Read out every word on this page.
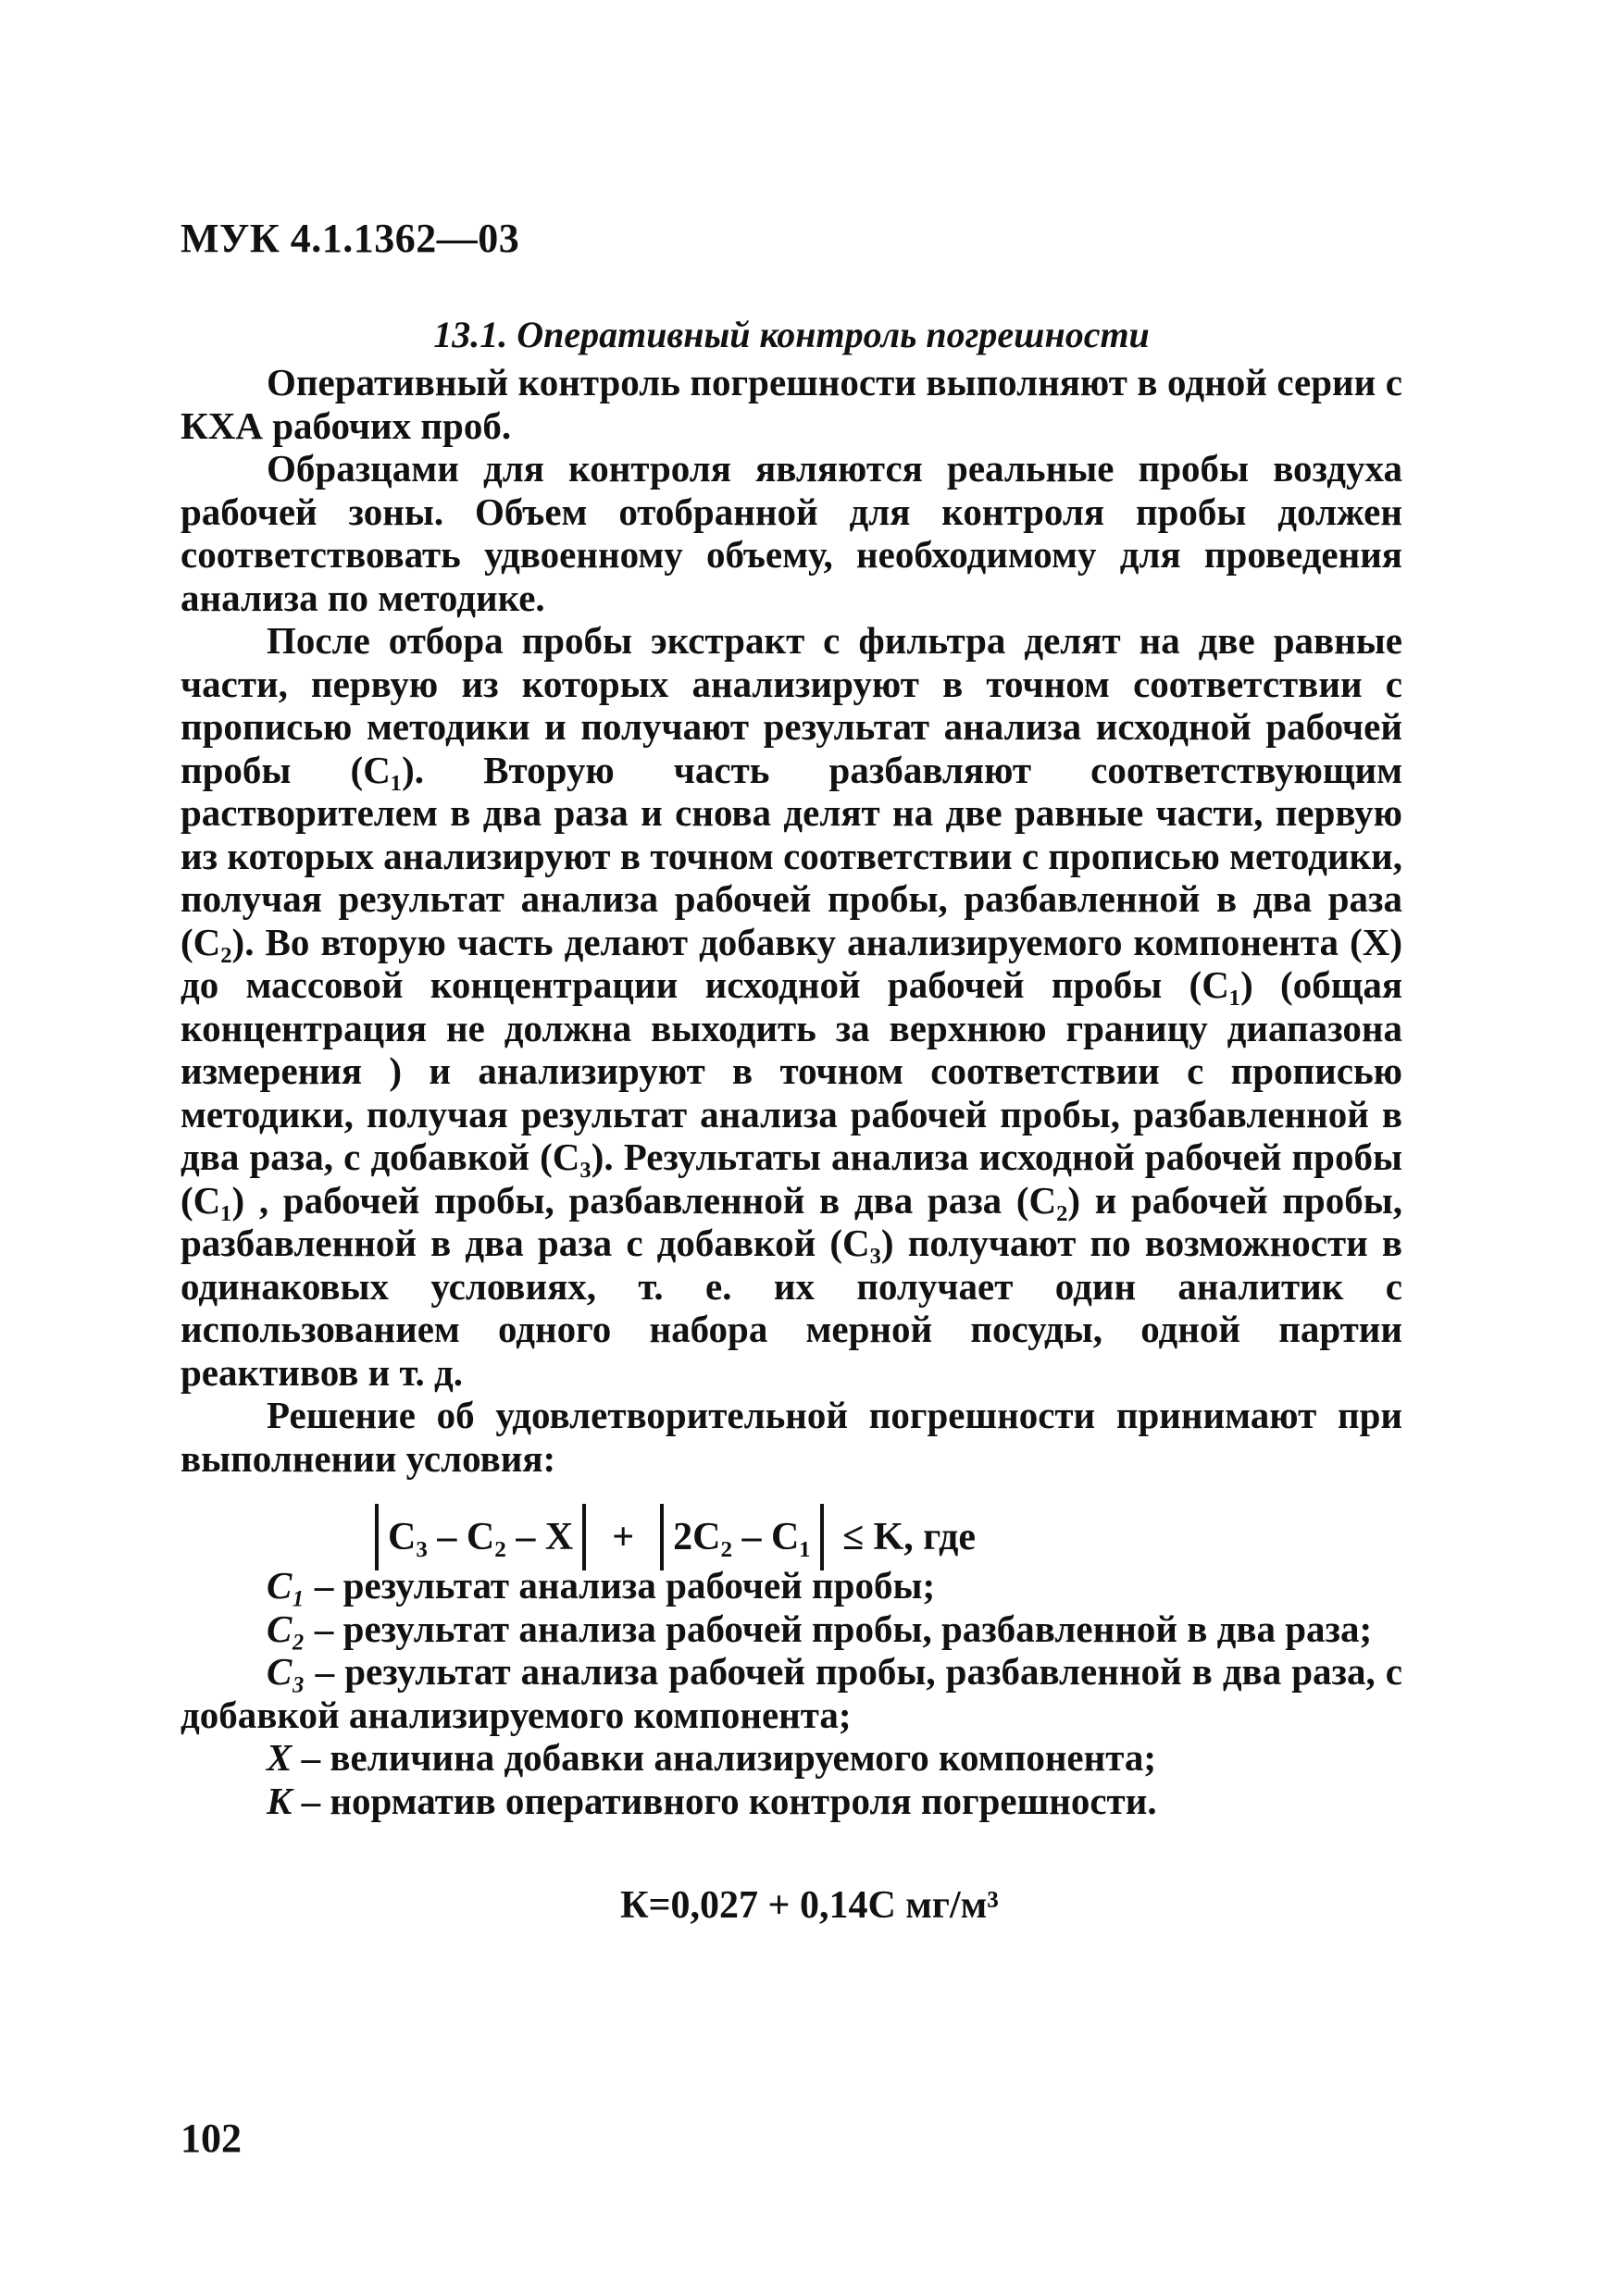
МУК 4.1.1362—03
13.1. Оперативный контроль погрешности

Оперативный контроль погрешности выполняют в одной серии с КХА рабочих проб.

Образцами для контроля являются реальные пробы воздуха рабочей зоны. Объем отобранной для контроля пробы должен соответствовать удвоенному объему, необходимому для проведения анализа по методике.

После отбора пробы экстракт с фильтра делят на две равные части, первую из которых анализируют в точном соответствии с прописью методики и получают результат анализа исходной рабочей пробы (С₁). Вторую часть разбавляют соответствующим растворителем в два раза и снова делят на две равные части, первую из которых анализируют в точном соответствии с прописью методики, получая результат анализа рабочей пробы, разбавленной в два раза (С₂). Во вторую часть делают добавку анализируемого компонента (X) до массовой концентрации исходной рабочей пробы (C₁) (общая концентрация не должна выходить за верхнюю границу диапазона измерения ) и анализируют в точном соответствии с прописью методики, получая результат анализа рабочей пробы, разбавленной в два раза, с добавкой (С₃). Результаты анализа исходной рабочей пробы (С₁) , рабочей пробы, разбавленной в два раза (С₂) и рабочей пробы, разбавленной в два раза с добавкой (С₃) получают по возможности в одинаковых условиях, т. е. их получает один аналитик с использованием одного набора мерной посуды, одной партии реактивов и т. д.

Решение об удовлетворительной погрешности принимают при выполнении условия:

С₃ – С₂ – X	+	2С₂ – С₁ ≤ K, где

C₁ – результат анализа рабочей пробы;

C₂ – результат анализа рабочей пробы, разбавленной в два раза;

C₃ – результат анализа рабочей пробы, разбавленной в два раза, с добавкой анализируемого компонента;

X – величина добавки анализируемого компонента;

K – норматив оперативного контроля погрешности.

К=0,027 + 0,14С мг/м³
102
